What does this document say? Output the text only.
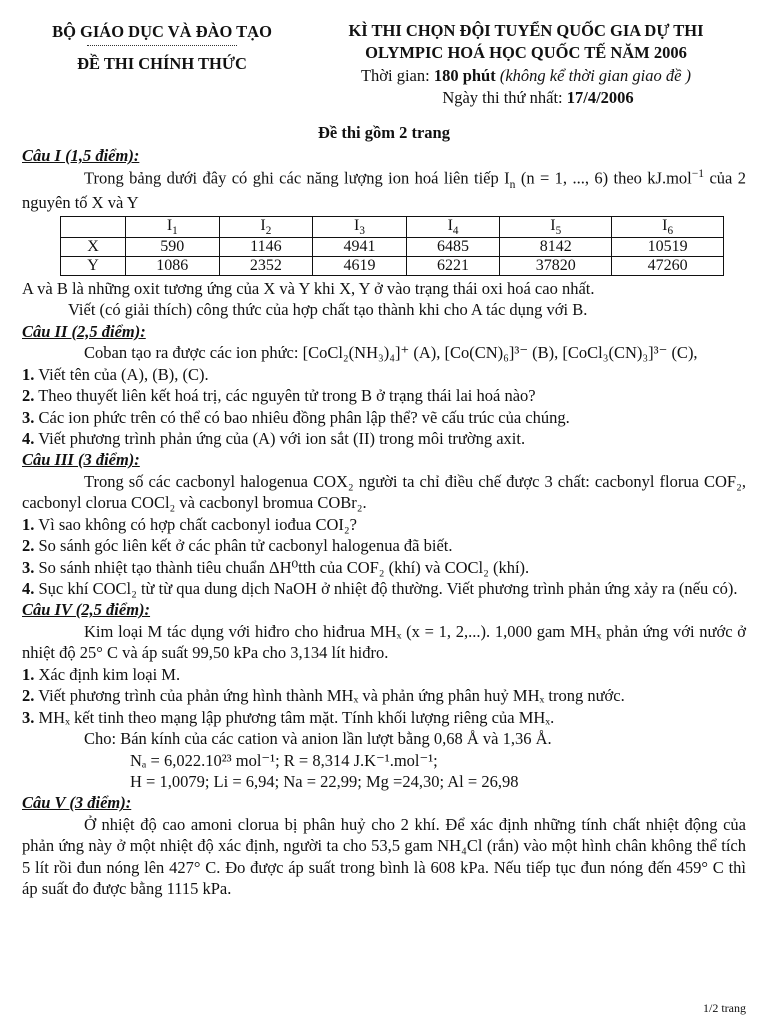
BỘ GIÁO DỤC VÀ ĐÀO TẠO
ĐỀ THI CHÍNH THỨC
KÌ THI CHỌN ĐỘI TUYỂN QUỐC GIA DỰ THI
OLYMPIC HOÁ HỌC QUỐC TẾ NĂM 2006
Thời gian: 180 phút (không kể thời gian giao đề )
Ngày thi thứ nhất: 17/4/2006
Đề thi gồm 2 trang
Câu I (1,5 điểm):

Trong bảng dưới đây có ghi các năng lượng ion hoá liên tiếp $I_n$ (n = 1, ..., 6) theo kJ.mol$^{-1}$ của 2 nguyên tố X và Y

	$I_1$	$I_2$	$I_3$	$I_4$	$I_5$	$I_6$
X	590	1146	4941	6485	8142	10519
Y	1086	2352	4619	6221	37820	47260

A và B là những oxit tương ứng của X và Y khi X, Y ở vào trạng thái oxi hoá cao nhất.

Viết (có giải thích) công thức của hợp chất tạo thành khi cho A tác dụng với B.

Câu II (2,5 điểm):

Coban tạo ra được các ion phức: [CoCl₂(NH₃)₄]⁺ (A), [Co(CN)₆]³⁻ (B), [CoCl₃(CN)₃]³⁻ (C),

1. Viết tên của (A), (B), (C).

2. Theo thuyết liên kết hoá trị, các nguyên tử trong B ở trạng thái lai hoá nào?

3. Các ion phức trên có thể có bao nhiêu đồng phân lập thể? vẽ cấu trúc của chúng.

4. Viết phương trình phản ứng của (A) với ion sắt (II) trong môi trường axit.

Câu III (3 điểm):

Trong số các cacbonyl halogenua COX₂ người ta chỉ điều chế được 3 chất: cacbonyl florua COF₂, cacbonyl clorua COCl₂ và cacbonyl bromua COBr₂.

1. Vì sao không có hợp chất cacbonyl iođua COI₂?

2. So sánh góc liên kết ở các phân tử cacbonyl halogenua đã biết.

3. So sánh nhiệt tạo thành tiêu chuẩn ΔH⁰tth của COF₂ (khí) và COCl₂ (khí).

4. Sục khí COCl₂ từ từ qua dung dịch NaOH ở nhiệt độ thường. Viết phương trình phản ứng xảy ra (nếu có).

Câu IV (2,5 điểm):

Kim loại M tác dụng với hiđro cho hiđrua MHₓ (x = 1, 2,...). 1,000 gam MHₓ phản ứng với nước ở nhiệt độ 25° C và áp suất 99,50 kPa cho 3,134 lít hiđro.

1. Xác định kim loại M.

2. Viết phương trình của phản ứng hình thành MHₓ và phản ứng phân huỷ MHₓ trong nước.

3. MHₓ kết tinh theo mạng lập phương tâm mặt. Tính khối lượng riêng của MHₓ.

Cho: Bán kính của các cation và anion lần lượt bằng 0,68 Å và 1,36 Å.

Nₐ = 6,022.10²³ mol⁻¹; R = 8,314 J.K⁻¹.mol⁻¹;

H = 1,0079; Li = 6,94; Na = 22,99; Mg =24,30; Al = 26,98

Câu V (3 điểm):

Ở nhiệt độ cao amoni clorua bị phân huỷ cho 2 khí. Để xác định những tính chất nhiệt động của phản ứng này ở một nhiệt độ xác định, người ta cho 53,5 gam NH₄Cl (rắn) vào một hình chân không thể tích 5 lít rồi đun nóng lên 427° C. Đo được áp suất trong bình là 608 kPa. Nếu tiếp tục đun nóng đến 459° C thì áp suất đo được bằng 1115 kPa.

1/2 trang
